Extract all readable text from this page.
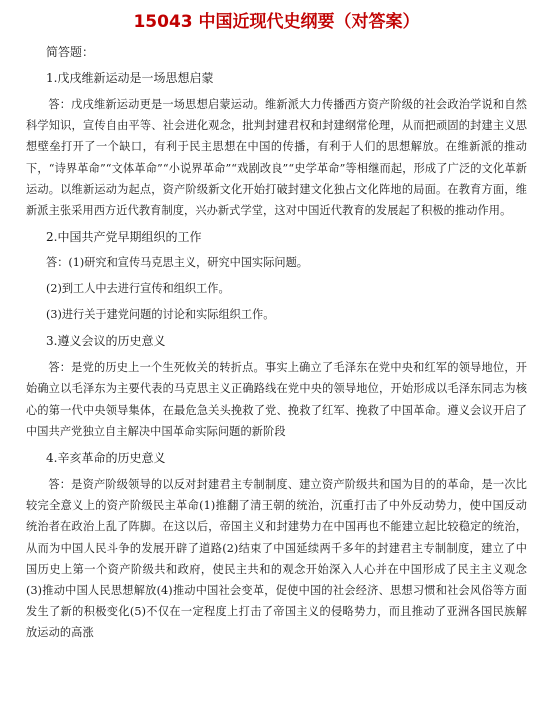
15043 中国近现代史纲要（对答案）
简答题：
1.戊戌维新运动是一场思想启蒙

答：戊戌维新运动更是一场思想启蒙运动。维新派大力传播西方资产阶级的社会政治学说和自然科学知识，宣传自由平等、社会进化观念，批判封建君权和封建纲常伦理，从而把顽固的封建主义思想壁垒打开了一个缺口，有利于民主思想在中国的传播，有利于人们的思想解放。在维新派的推动下，“诗界革命”“文体革命”“小说界革命”“戏剧改良”“史学革命”等相继而起，形成了广泛的文化革新运动。以维新运动为起点，资产阶级新文化开始打破封建文化独占文化阵地的局面。在教育方面，维新派主张采用西方近代教育制度，兴办新式学堂，这对中国近代教育的发展起了积极的推动作用。

2.中国共产党早期组织的工作
答：(1)研究和宣传马克思主义，研究中国实际问题。
(2)到工人中去进行宣传和组织工作。
(3)进行关于建党问题的讨论和实际组织工作。
3.遵义会议的历史意义

答：是党的历史上一个生死攸关的转折点。事实上确立了毛泽东在党中央和红军的领导地位，开始确立以毛泽东为主要代表的马克思主义正确路线在党中央的领导地位，开始形成以毛泽东同志为核心的第一代中央领导集体，在最危急关头挽救了党、挽救了红军、挽救了中国革命。遵义会议开启了中国共产党独立自主解决中国革命实际问题的新阶段

4.辛亥革命的历史意义

答：是资产阶级领导的以反对封建君主专制制度、建立资产阶级共和国为目的的革命，是一次比较完全意义上的资产阶级民主革命(1)推翻了清王朝的统治，沉重打击了中外反动势力，使中国反动统治者在政治上乱了阵脚。在这以后，帝国主义和封建势力在中国再也不能建立起比较稳定的统治，从而为中国人民斗争的发展开辟了道路(2)结束了中国延续两千多年的封建君主专制制度，建立了中国历史上第一个资产阶级共和政府，使民主共和的观念开始深入人心并在中国形成了民主主义观念(3)推动中国人民思想解放(4)推动中国社会变革，促使中国的社会经济、思想习惯和社会风俗等方面发生了新的积极变化(5)不仅在一定程度上打击了帝国主义的侵略势力，而且推动了亚洲各国民族解放运动的高涨
